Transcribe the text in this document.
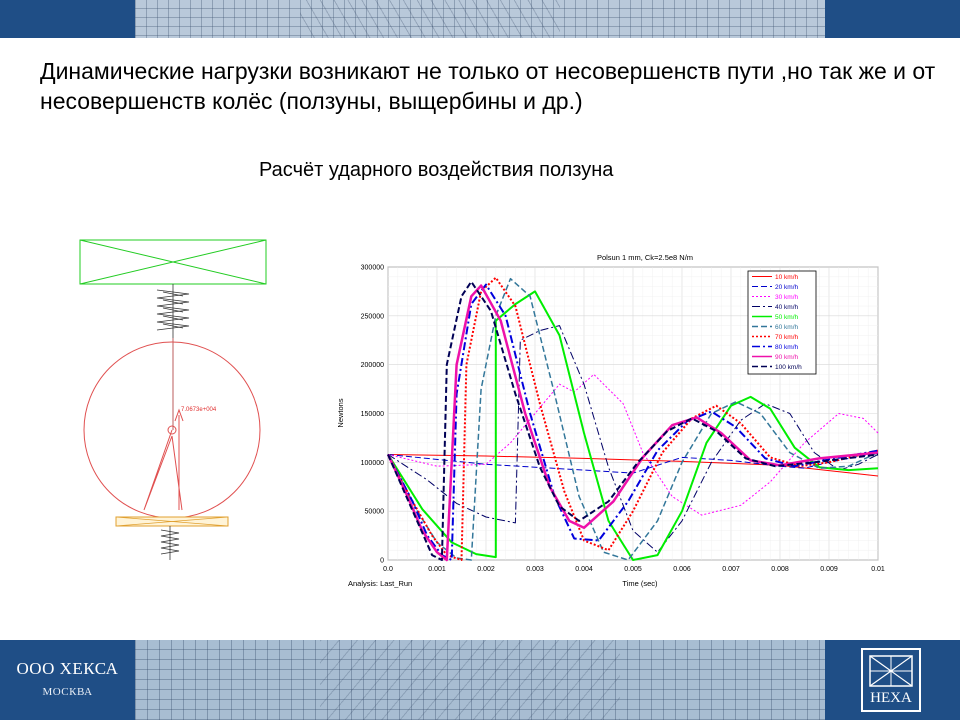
Динамические нагрузки возникают не только от несовершенств пути ,но так же и от несовершенств колёс (ползуны, выщербины и др.)
Расчёт ударного воздействия ползуна
7.0673e+004
Polsun 1 mm, Ck=2.5e8 N/m
Newtons
Time (sec)
Analysis: Last_Run
0.0	0.001	0.002	0.003	0.004	0.005	0.006	0.007	0.008	0.009	0.01
0
50000
100000
150000
200000
250000
300000
10 km/h
20 km/h
30 km/h
40 km/h
50 km/h
60 km/h
70 km/h
80 km/h
90 km/h
100 km/h
ООО ХЕКСА
МОСКВА	HEXA
